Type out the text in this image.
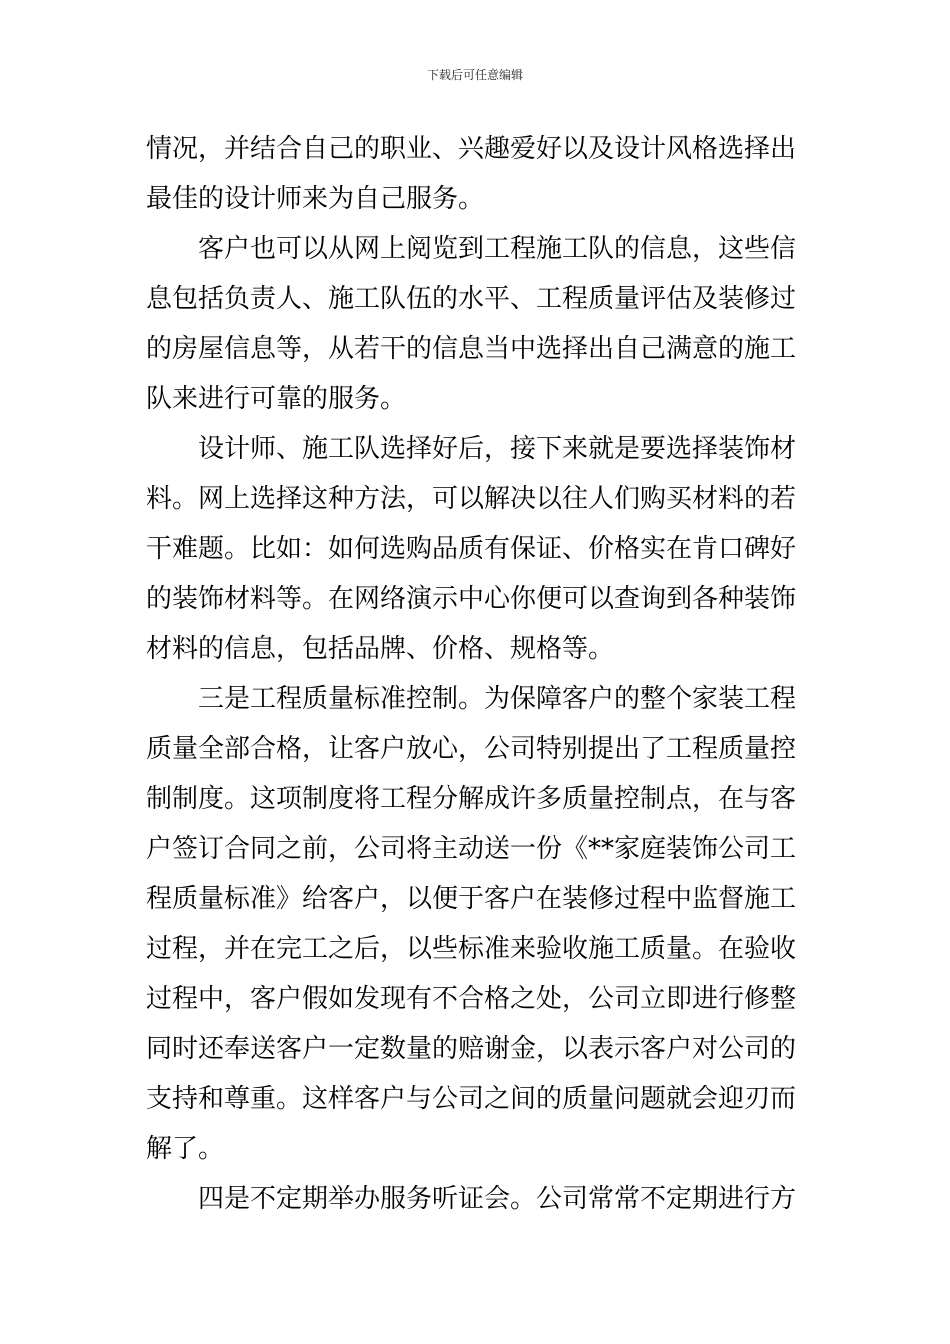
下载后可任意编辑
情况，并结合自己的职业、兴趣爱好以及设计风格选择出
最佳的设计师来为自己服务。
客户也可以从网上阅览到工程施工队的信息，这些信
息包括负责人、施工队伍的水平、工程质量评估及装修过
的房屋信息等，从若干的信息当中选择出自己满意的施工
队来进行可靠的服务。
设计师、施工队选择好后，接下来就是要选择装饰材
料。网上选择这种方法，可以解决以往人们购买材料的若
干难题。比如：如何选购品质有保证、价格实在肯口碑好
的装饰材料等。在网络演示中心你便可以查询到各种装饰
材料的信息，包括品牌、价格、规格等。
三是工程质量标准控制。为保障客户的整个家装工程
质量全部合格，让客户放心，公司特别提出了工程质量控
制制度。这项制度将工程分解成许多质量控制点，在与客
户签订合同之前，公司将主动送一份《**家庭装饰公司工
程质量标准》给客户，以便于客户在装修过程中监督施工
过程，并在完工之后，以些标准来验收施工质量。在验收
过程中，客户假如发现有不合格之处，公司立即进行修整
同时还奉送客户一定数量的赔谢金，以表示客户对公司的
支持和尊重。这样客户与公司之间的质量问题就会迎刃而
解了。
四是不定期举办服务听证会。公司常常不定期进行方
